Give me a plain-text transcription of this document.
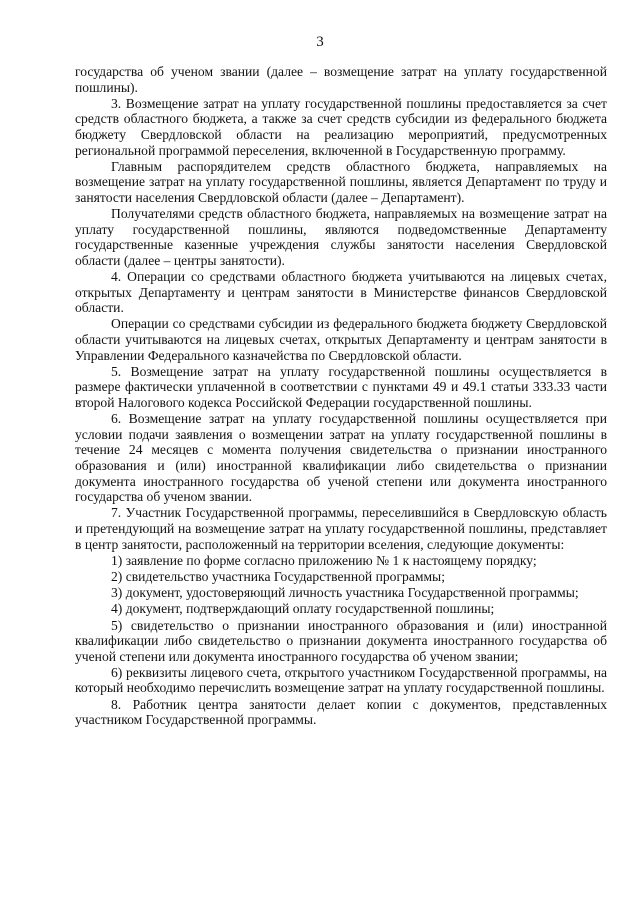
3

государства об ученом звании (далее – возмещение затрат на уплату государственной пошлины).

3. Возмещение затрат на уплату государственной пошлины предоставляется за счет средств областного бюджета, а также за счет средств субсидии из федерального бюджета бюджету Свердловской области на реализацию мероприятий, предусмотренных региональной программой переселения, включенной в Государственную программу.

Главным распорядителем средств областного бюджета, направляемых на возмещение затрат на уплату государственной пошлины, является Департамент по труду и занятости населения Свердловской области (далее – Департамент).

Получателями средств областного бюджета, направляемых на возмещение затрат на уплату государственной пошлины, являются подведомственные Департаменту государственные казенные учреждения службы занятости населения Свердловской области (далее – центры занятости).

4. Операции со средствами областного бюджета учитываются на лицевых счетах, открытых Департаменту и центрам занятости в Министерстве финансов Свердловской области.

Операции со средствами субсидии из федерального бюджета бюджету Свердловской области учитываются на лицевых счетах, открытых Департаменту и центрам занятости в Управлении Федерального казначейства по Свердловской области.

5. Возмещение затрат на уплату государственной пошлины осуществляется в размере фактически уплаченной в соответствии с пунктами 49 и 49.1 статьи 333.33 части второй Налогового кодекса Российской Федерации государственной пошлины.

6. Возмещение затрат на уплату государственной пошлины осуществляется при условии подачи заявления о возмещении затрат на уплату государственной пошлины в течение 24 месяцев с момента получения свидетельства о признании иностранного образования и (или) иностранной квалификации либо свидетельства о признании документа иностранного государства об ученой степени или документа иностранного государства об ученом звании.

7. Участник Государственной программы, переселившийся в Свердловскую область и претендующий на возмещение затрат на уплату государственной пошлины, представляет в центр занятости, расположенный на территории вселения, следующие документы:

1) заявление по форме согласно приложению № 1 к настоящему порядку;

2) свидетельство участника Государственной программы;

3) документ, удостоверяющий личность участника Государственной программы;

4) документ, подтверждающий оплату государственной пошлины;

5) свидетельство о признании иностранного образования и (или) иностранной квалификации либо свидетельство о признании документа иностранного государства об ученой степени или документа иностранного государства об ученом звании;

6) реквизиты лицевого счета, открытого участником Государственной программы, на который необходимо перечислить возмещение затрат на уплату государственной пошлины.

8. Работник центра занятости делает копии с документов, представленных участником Государственной программы.
